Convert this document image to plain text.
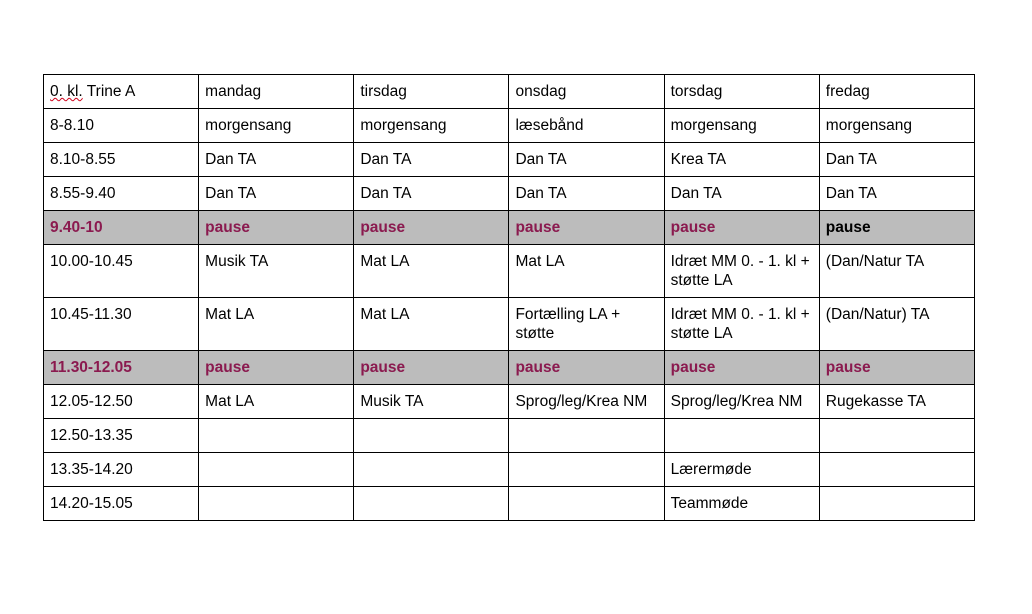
0. kl. Trine A	mandag	tirsdag	onsdag	torsdag	fredag
8-8.10	morgensang	morgensang	læsebånd	morgensang	morgensang
8.10-8.55	Dan TA	Dan TA	Dan TA	Krea TA	Dan TA
8.55-9.40	Dan TA	Dan TA	Dan TA	Dan TA	Dan TA
9.40-10	pause	pause	pause	pause	pause
10.00-10.45	Musik TA	Mat LA	Mat LA	Idræt MM 0. - 1. kl + støtte LA	(Dan/Natur TA
10.45-11.30	Mat LA	Mat LA	Fortælling LA + støtte	Idræt MM 0. - 1. kl + støtte LA	(Dan/Natur) TA
11.30-12.05	pause	pause	pause	pause	pause
12.05-12.50	Mat LA	Musik TA	Sprog/leg/Krea NM	Sprog/leg/Krea NM	Rugekasse TA
12.50-13.35					
13.35-14.20				Lærermøde	
14.20-15.05				Teammøde	
